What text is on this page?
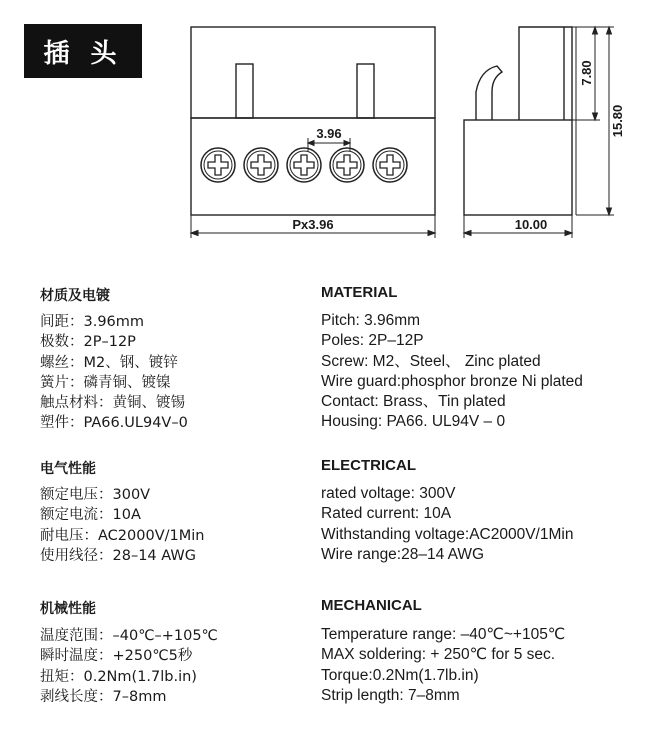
插 头
3.96
Px3.96	10.00
7.80
15.80
材质及电镀
间距：3.96mm
极数：2P–12P
螺丝：M2、钢、镀锌
簧片：磷青铜、镀镍
触点材料：黄铜、镀锡
塑件：PA66.UL94V–0
电气性能
额定电压：300V
额定电流：10A
耐电压：AC2000V/1Min
使用线径：28–14 AWG
机械性能
温度范围：–40℃–+105℃
瞬时温度：+250℃5秒
扭矩：0.2Nm(1.7lb.in)
剥线长度：7–8mm
MATERIAL
Pitch: 3.96mm
Poles: 2P–12P
Screw: M2、Steel、 Zinc plated
Wire guard:phosphor bronze Ni plated
Contact: Brass、Tin plated
Housing: PA66. UL94V – 0
ELECTRICAL
rated voltage: 300V
Rated current: 10A
Withstanding voltage:AC2000V/1Min
Wire range:28–14 AWG
MECHANICAL
Temperature range: –40℃~+105℃
MAX soldering: + 250℃ for 5 sec.
Torque:0.2Nm(1.7lb.in)
Strip length: 7–8mm
